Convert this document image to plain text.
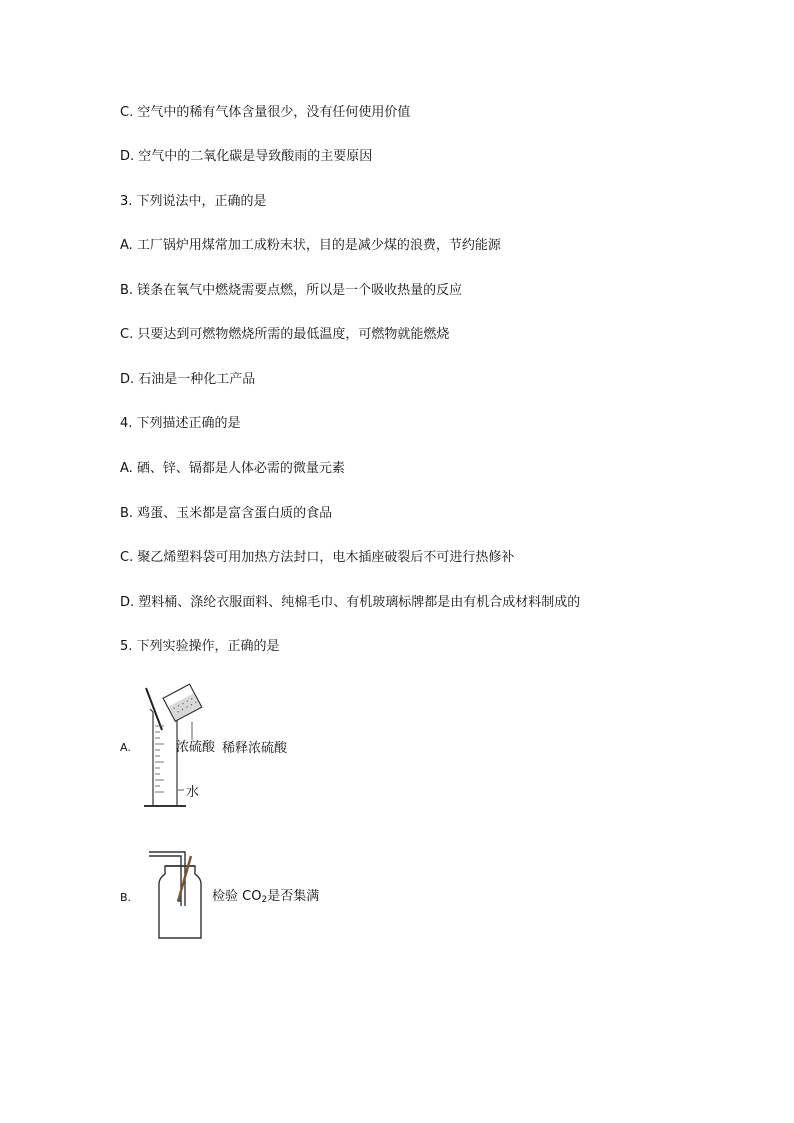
C. 空气中的稀有气体含量很少，没有任何使用价值
D. 空气中的二氧化碳是导致酸雨的主要原因
3. 下列说法中，正确的是
A. 工厂锅炉用煤常加工成粉末状，目的是减少煤的浪费，节约能源
B. 镁条在氧气中燃烧需要点燃，所以是一个吸收热量的反应
C. 只要达到可燃物燃烧所需的最低温度，可燃物就能燃烧
D. 石油是一种化工产品
4. 下列描述正确的是
A. 硒、锌、镉都是人体必需的微量元素
B. 鸡蛋、玉米都是富含蛋白质的食品
C. 聚乙烯塑料袋可用加热方法封口，电木插座破裂后不可进行热修补
D. 塑料桶、涤纶衣服面料、纯棉毛巾、有机玻璃标牌都是由有机合成材料制成的
5. 下列实验操作，正确的是
A.	浓硫酸 稀释浓硫酸
水
B.	检验 $CO_2$是否集满
